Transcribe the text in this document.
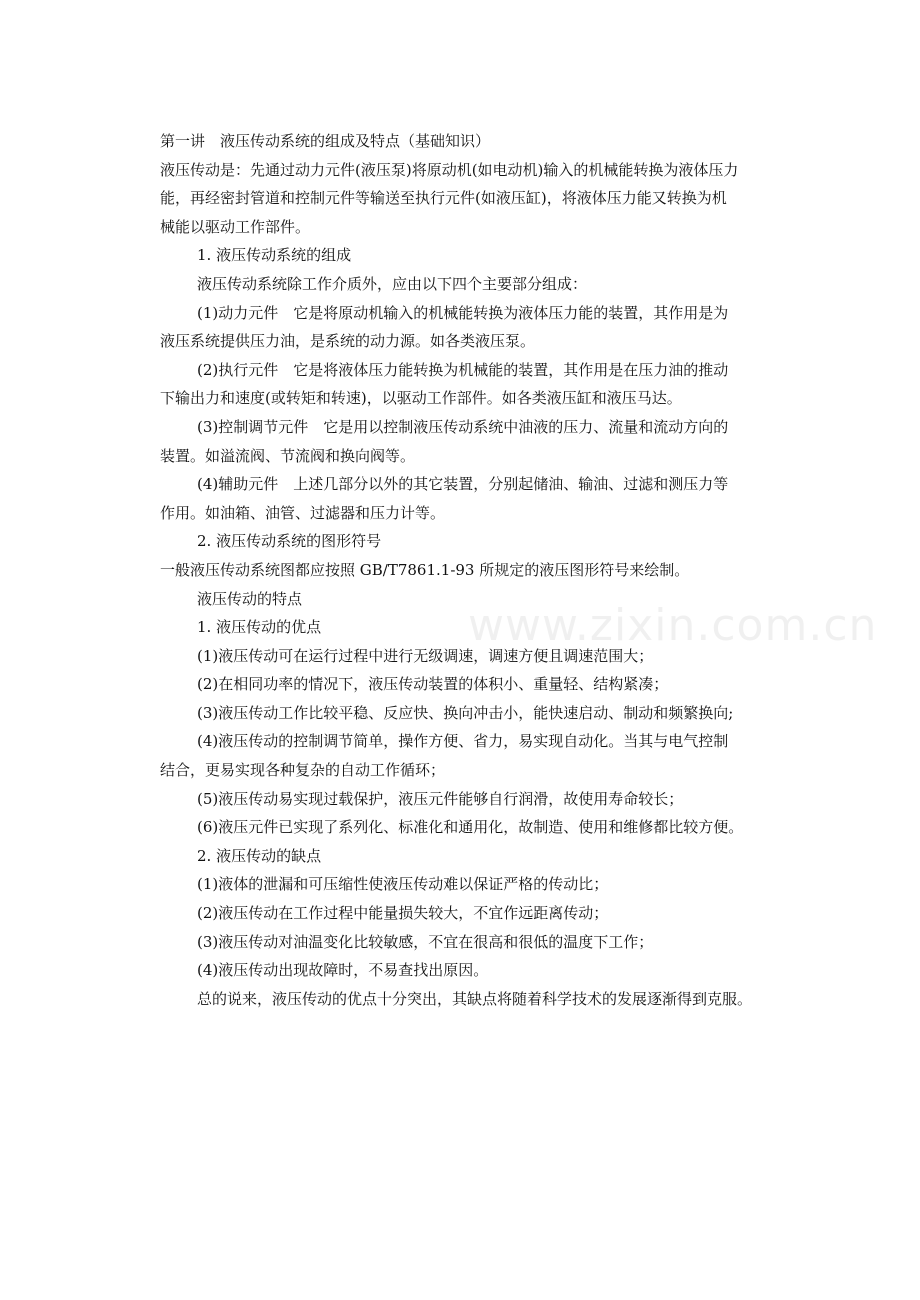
第一讲　液压传动系统的组成及特点（基础知识）
液压传动是：先通过动力元件(液压泵)将原动机(如电动机)输入的机械能转换为液体压力
能，再经密封管道和控制元件等输送至执行元件(如液压缸)，将液体压力能又转换为机
械能以驱动工作部件。
1. 液压传动系统的组成
液压传动系统除工作介质外，应由以下四个主要部分组成：
(1)动力元件　它是将原动机输入的机械能转换为液体压力能的装置，其作用是为
液压系统提供压力油，是系统的动力源。如各类液压泵。
(2)执行元件　它是将液体压力能转换为机械能的装置，其作用是在压力油的推动
下输出力和速度(或转矩和转速)，以驱动工作部件。如各类液压缸和液压马达。
(3)控制调节元件　它是用以控制液压传动系统中油液的压力、流量和流动方向的
装置。如溢流阀、节流阀和换向阀等。
(4)辅助元件　上述几部分以外的其它装置，分别起储油、输油、过滤和测压力等
作用。如油箱、油管、过滤器和压力计等。
2. 液压传动系统的图形符号
一般液压传动系统图都应按照 GB/T7861.1-93 所规定的液压图形符号来绘制。
液压传动的特点
1. 液压传动的优点
(1)液压传动可在运行过程中进行无级调速，调速方便且调速范围大；
(2)在相同功率的情况下，液压传动装置的体积小、重量轻、结构紧凑；
(3)液压传动工作比较平稳、反应快、换向冲击小，能快速启动、制动和频繁换向;
(4)液压传动的控制调节简单，操作方便、省力，易实现自动化。当其与电气控制
结合，更易实现各种复杂的自动工作循环；
(5)液压传动易实现过载保护，液压元件能够自行润滑，故使用寿命较长；
(6)液压元件已实现了系列化、标准化和通用化，故制造、使用和维修都比较方便。
2. 液压传动的缺点
(1)液体的泄漏和可压缩性使液压传动难以保证严格的传动比；
(2)液压传动在工作过程中能量损失较大，不宜作远距离传动；
(3)液压传动对油温变化比较敏感，不宜在很高和很低的温度下工作；
(4)液压传动出现故障时，不易查找出原因。
总的说来，液压传动的优点十分突出，其缺点将随着科学技术的发展逐渐得到克服。
www.zixin.com.cn
